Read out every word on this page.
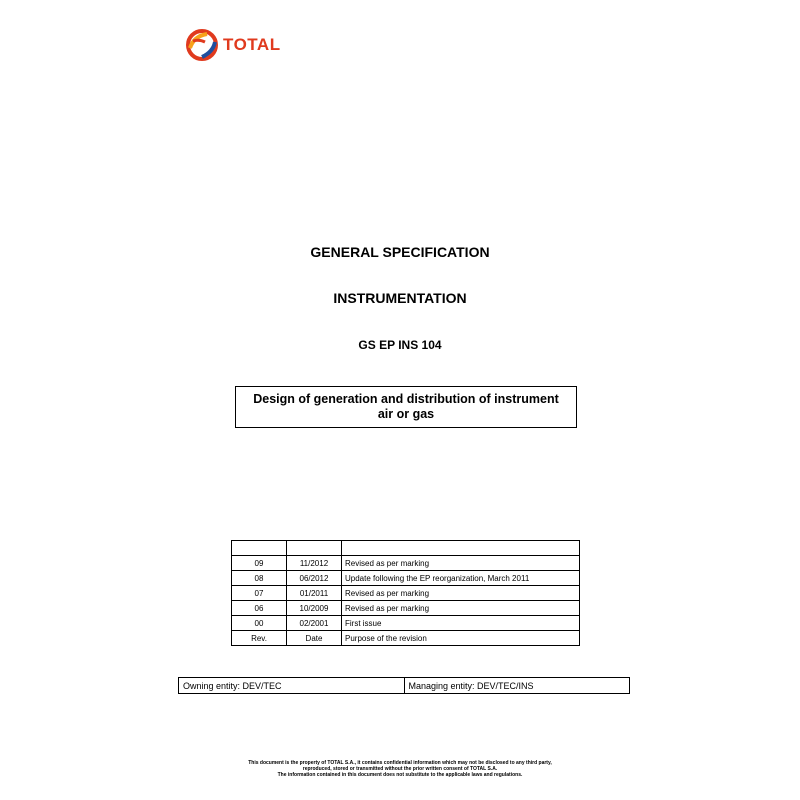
TOTAL
GENERAL SPECIFICATION
INSTRUMENTATION
GS EP INS 104
Design of generation and distribution of instrument
air or gas

09	11/2012	Revised as per marking
08	06/2012	Update following the EP reorganization, March 2011
07	01/2011	Revised as per marking
06	10/2009	Revised as per marking
00	02/2001	First issue
Rev.	Date	Purpose of the revision
Owning entity: DEV/TEC	Managing entity: DEV/TEC/INS
This document is the property of TOTAL S.A., it contains confidential information which may not be disclosed to any third party,
reproduced, stored or transmitted without the prior written consent of TOTAL S.A.
The information contained in this document does not substitute to the applicable laws and regulations.
